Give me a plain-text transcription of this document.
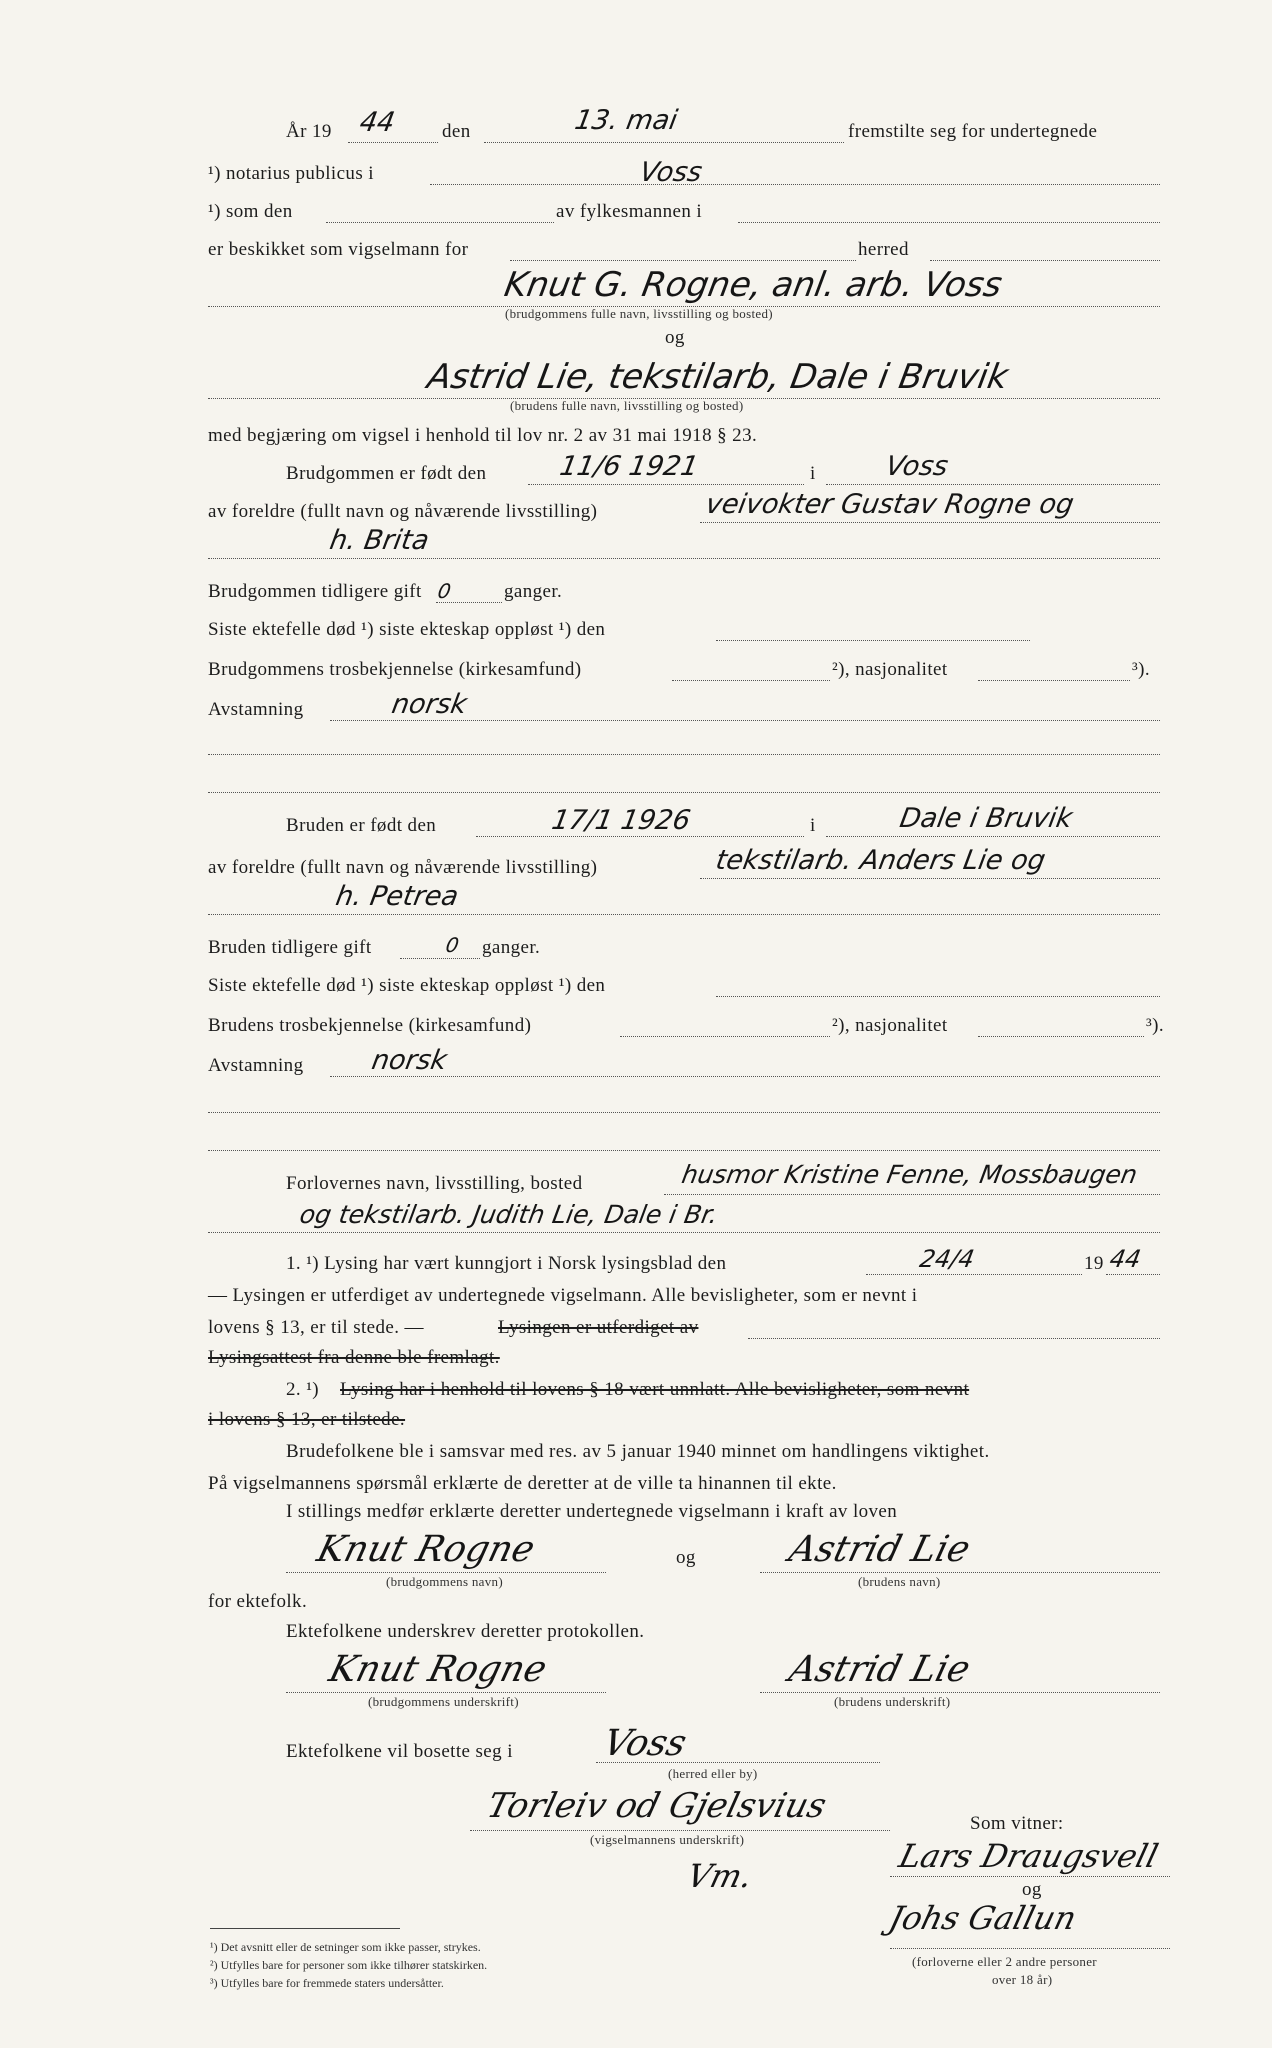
År 19 44 den	13. mai	fremstilte seg for undertegnede
¹) notarius publicus i	Voss
¹) som den	av fylkesmannen i
er beskikket som vigselmann for	herred
Knut G. Rogne, anl. arb. Voss
(brudgommens fulle navn, livsstilling og bosted)
og
Astrid Lie, tekstilarb, Dale i Bruvik
(brudens fulle navn, livsstilling og bosted)
med begjæring om vigsel i henhold til lov nr. 2 av 31 mai 1918 § 23.
Brudgommen er født den	11/6 1921	i	Voss
av foreldre (fullt navn og nåværende livsstilling)	veivokter Gustav Rogne og
h. Brita
Brudgommen tidligere gift 0	ganger.
Siste ektefelle død ¹) siste ekteskap oppløst ¹) den
Brudgommens trosbekjennelse (kirkesamfund)	²), nasjonalitet	³).
Avstamning	norsk
Bruden er født den	17/1 1926	i	Dale i Bruvik
av foreldre (fullt navn og nåværende livsstilling)	tekstilarb. Anders Lie og
h. Petrea
Bruden tidligere gift	0 ganger.
Siste ektefelle død ¹) siste ekteskap oppløst ¹) den
Brudens trosbekjennelse (kirkesamfund)	²), nasjonalitet	³).
Avstamning norsk
Forlovernes navn, livsstilling, bosted	husmor Kristine Fenne, Mossbaugen
og tekstilarb. Judith Lie, Dale i Br.
1. ¹) Lysing har vært kunngjort i Norsk lysingsblad den	24/4	19 44
— Lysingen er utferdiget av undertegnede vigselmann. Alle bevisligheter, som er nevnt i
lovens § 13, er til stede. —	Lysingen er utferdiget av
Lysingsattest fra denne ble fremlagt.
2. ¹) Lysing har i henhold til lovens § 18 vært unnlatt. Alle bevisligheter, som nevnt
i lovens § 13, er tilstede.
Brudefolkene ble i samsvar med res. av 5 januar 1940 minnet om handlingens viktighet.
På vigselmannens spørsmål erklærte de deretter at de ville ta hinannen til ekte.
I stillings medfør erklærte deretter undertegnede vigselmann i kraft av loven
Knut Rogne
(brudgommens navn)
og Astrid Lie
(brudens navn)
for ektefolk.
Ektefolkene underskrev deretter protokollen.
Knut Rogne
(brudgommens underskrift)
Astrid Lie
(brudens underskrift)
Ektefolkene vil bosette seg i Voss
(herred eller by)
Torleiv od Gjelsvius
(vigselmannens underskrift)
Vm.
Som vitner:
Lars Draugsvell
og
Johs Gallun
(forloverne eller 2 andre personer
over 18 år)
¹) Det avsnitt eller de setninger som ikke passer, strykes.
²) Utfylles bare for personer som ikke tilhører statskirken.
³) Utfylles bare for fremmede staters undersåtter.
